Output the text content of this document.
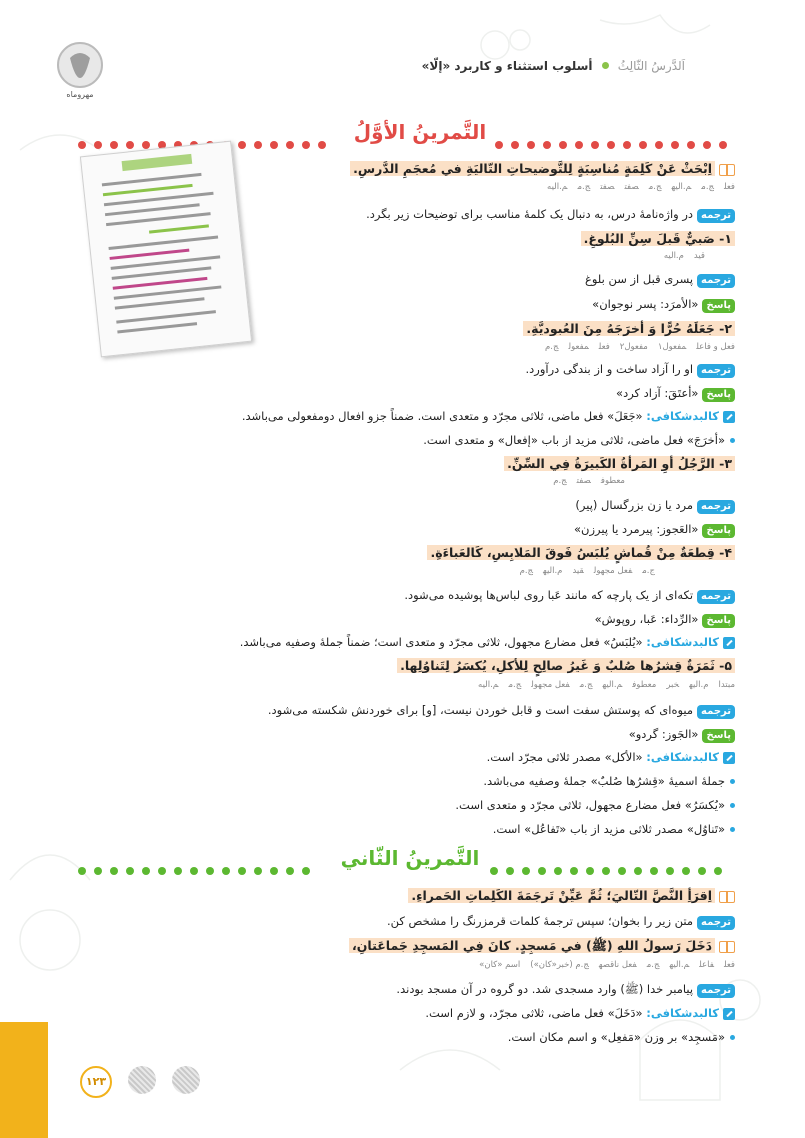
مهروماه
اَلدَّرسُ الثّالِثُ  أسلوب استثناء و کاربرد «إلّا»
التَّمرينُ الأوَّلُ
اِبْحَثْ عَنْ كَلِمَةٍ مُناسِبَةٍ لِلتَّوضيحاتِ التّاليَةِ في مُعجَمِ الدَّرسِ.
فعلج.مم.اليهج.مصفتصفتج.مم.اليه
ترجمهدر واژه‌نامهٔ درس، به دنبال یک کلمهٔ مناسب برای توضیحات زیر بگرد.
۱- صَبيٌّ قَبلَ سِنِّ البُلوغِ.
قیدم.اليه
ترجمهپسری قبل از سن بلوغ
پاسخ«الأمرَد: پسر نوجوان»
۲- جَعَلَهُ حُرًّا وَ أخرَجَهُ مِنَ العُبوديَّةِ.
فعل و فاعلمفعول۱مفعول۲فعلمفعولج.م
ترجمهاو را آزاد ساخت و از بندگی درآورد.
پاسخ«أعتَقَ: آزاد کرد»
کالبدشکافی: «جَعَلَ» فعل ماضی، ثلاثی مجرّد و متعدی است. ضمناً جزو افعال دومفعولی می‌باشد.
«أخرَجَ» فعل ماضی، ثلاثی مزید از باب «إفعال» و متعدی است.
۳- الرَّجُلُ أوِ المَرأةُ الكَبيرَةُ فِي السِّنِّ.
معطوفصفتج.م
ترجمهمرد یا زن بزرگسال (پیر)
پاسخ«العَجوز: پیرمرد یا پیرزن»
۴- قِطعَةٌ مِنْ قُماشٍ يُلبَسُ فَوقَ المَلابِسِ، كَالعَباءَةِ.
ج.مفعل مجهولقیدم.اليهج.م
ترجمهتکه‌ای از یک پارچه که مانند عَبا روی لباس‌ها پوشیده می‌شود.
پاسخ«الرِّداء: عَبا، روپوش»
کالبدشکافی: «يُلبَسُ» فعل مضارع مجهول، ثلاثی مجرّد و متعدی است؛ ضمناً جملهٔ وصفیه می‌باشد.
۵- ثَمَرَةٌ قِشرُها صُلبٌ وَ غَيرُ صالِحٍ لِلأكلِ، يُكسَرُ لِتَناوُلِها.
مبتدام.اليهخبرمعطوفم.اليهج.مفعل مجهولج.مم.اليه
ترجمهمیوه‌ای که پوستش سفت است و قابل خوردن نیست، [و] برای خوردنش شکسته می‌شود.
پاسخ«الجَوز: گردو»
کالبدشکافی: «الأکل» مصدر ثلاثی مجرّد است.
جملهٔ اسمیهٔ «قِشرُها صُلبٌ» جملهٔ وصفیه می‌باشد.
«يُكسَرُ» فعل مضارع مجهول، ثلاثی مجرّد و متعدی است.
«تَناوُل» مصدر ثلاثی مزید از باب «تَفاعُل» است.
التَّمرينُ الثّاني
اِقرَأِ النَّصَّ التّاليَ؛ ثُمَّ عَيِّنْ تَرجَمَةَ الكَلِماتِ الحَمراءِ.
ترجمهمتن زیر را بخوان؛ سپس ترجمهٔ کلمات قرمزرنگ را مشخص کن.
دَخَلَ رَسولُ اللهِ (ﷺ) في مَسجِدٍ. كانَ فِي المَسجِدِ جَماعَتانِ،
فعلفاعلم.اليهج.مفعل ناقصهج.م (خبر«کان»)اسم «کان»
ترجمهپیامبر خدا (ﷺ) وارد مسجدی شد. دو گروه در آن مسجد بودند.
کالبدشکافی: «دَخَلَ» فعل ماضی، ثلاثی مجرّد، و لازم است.
«مَسجِد» بر وزن «مَفعِل» و اسم مکان است.
۱۲۳
